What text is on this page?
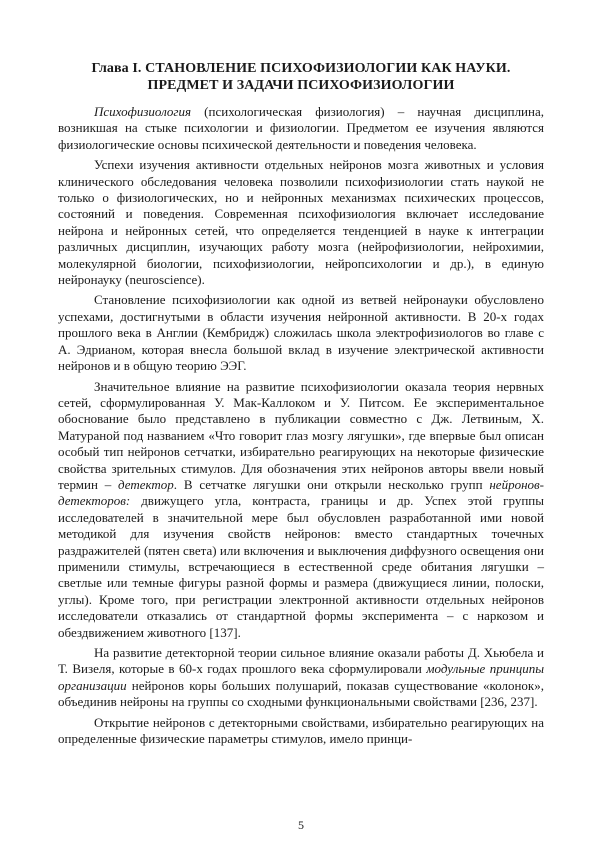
Глава I. СТАНОВЛЕНИЕ ПСИХОФИЗИОЛОГИИ КАК НАУКИ.
ПРЕДМЕТ И ЗАДАЧИ ПСИХОФИЗИОЛОГИИ

Психофизиология (психологическая физиология) – научная дисциплина, возникшая на стыке психологии и физиологии. Предметом ее изучения являются физиологические основы психической деятельности и поведения человека.

Успехи изучения активности отдельных нейронов мозга животных и условия клинического обследования человека позволили психофизиологии стать наукой не только о физиологических, но и нейронных механизмах психических процессов, состояний и поведения. Современная психофизиология включает исследование нейрона и нейронных сетей, что определяется тенденцией в науке к интеграции различных дисциплин, изучающих работу мозга (нейрофизиологии, нейрохимии, молекулярной биологии, психофизиологии, нейропсихологии и др.), в единую нейронауку (neuroscience).

Становление психофизиологии как одной из ветвей нейронауки обусловлено успехами, достигнутыми в области изучения нейронной активности. В 20-х годах прошлого века в Англии (Кембридж) сложилась школа электрофизиологов во главе с А. Эдрианом, которая внесла большой вклад в изучение электрической активности нейронов и в общую теорию ЭЭГ.

Значительное влияние на развитие психофизиологии оказала теория нервных сетей, сформулированная У. Мак-Каллоком и У. Питсом. Ее экспериментальное обоснование было представлено в публикации совместно с Дж. Летвиным, Х. Матураной под названием «Что говорит глаз мозгу лягушки», где впервые был описан особый тип нейронов сетчатки, избирательно реагирующих на некоторые физические свойства зрительных стимулов. Для обозначения этих нейронов авторы ввели новый термин – детектор. В сетчатке лягушки они открыли несколько групп нейронов-детекторов: движущего угла, контраста, границы и др. Успех этой группы исследователей в значительной мере был обусловлен разработанной ими новой методикой для изучения свойств нейронов: вместо стандартных точечных раздражителей (пятен света) или включения и выключения диффузного освещения они применили стимулы, встречающиеся в естественной среде обитания лягушки – светлые или темные фигуры разной формы и размера (движущиеся линии, полоски, углы). Кроме того, при регистрации электронной активности отдельных нейронов исследователи отказались от стандартной формы эксперимента – с наркозом и обездвижением животного [137].

На развитие детекторной теории сильное влияние оказали работы Д. Хьюбела и Т. Визеля, которые в 60-х годах прошлого века сформулировали модульные принципы организации нейронов коры больших полушарий, показав существование «колонок», объединив нейроны на группы со сходными функциональными свойствами [236, 237].

Открытие нейронов с детекторными свойствами, избирательно реагирующих на определенные физические параметры стимулов, имело принци-

5
